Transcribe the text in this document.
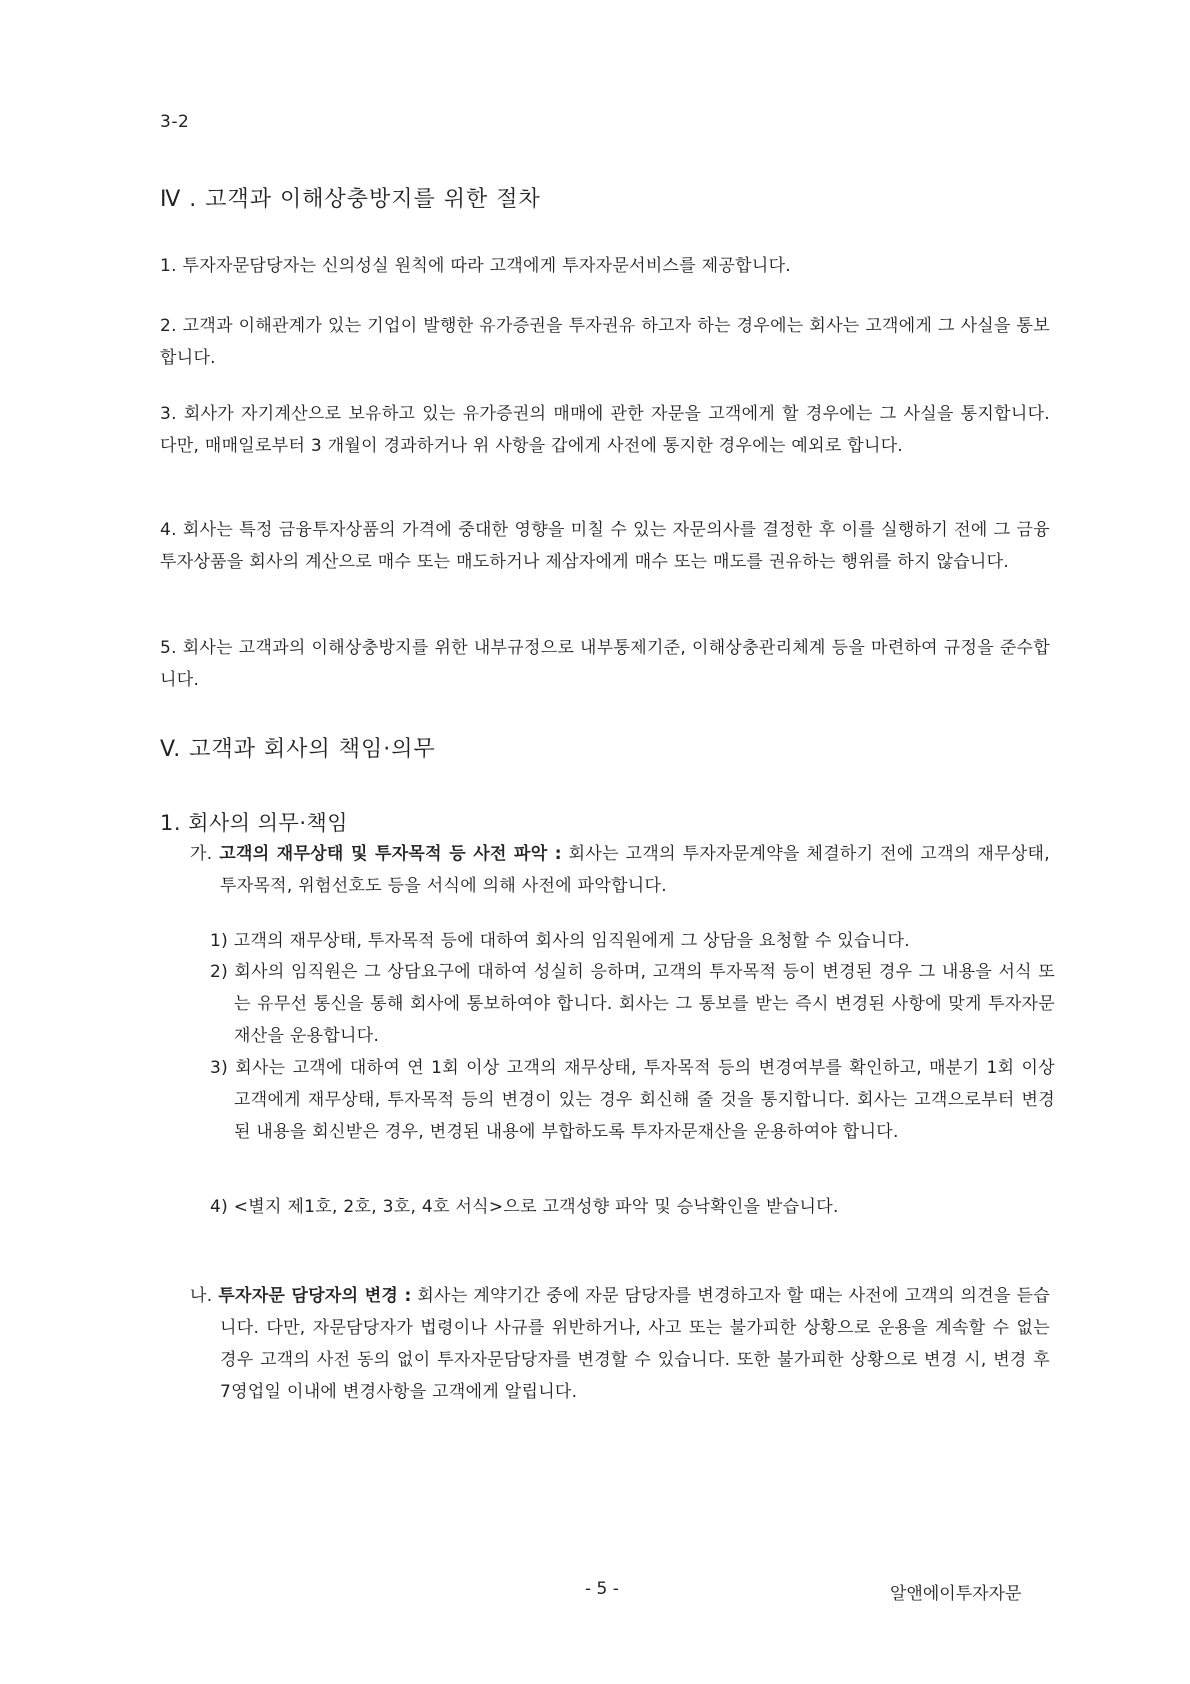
3-2
Ⅳ . 고객과 이해상충방지를 위한 절차
1. 투자자문담당자는 신의성실 원칙에 따라 고객에게 투자자문서비스를 제공합니다.
2. 고객과 이해관계가 있는 기업이 발행한 유가증권을 투자권유 하고자 하는 경우에는 회사는 고객에게 그 사실을 통보합니다.
3. 회사가 자기계산으로 보유하고 있는 유가증권의 매매에 관한 자문을 고객에게 할 경우에는 그 사실을 통지합니다. 다만, 매매일로부터 3 개월이 경과하거나 위 사항을 갑에게 사전에 통지한 경우에는 예외로 합니다.
4. 회사는 특정 금융투자상품의 가격에 중대한 영향을 미칠 수 있는 자문의사를 결정한 후 이를 실행하기 전에 그 금융투자상품을 회사의 계산으로 매수 또는 매도하거나 제삼자에게 매수 또는 매도를 권유하는 행위를 하지 않습니다.
5. 회사는 고객과의 이해상충방지를 위한 내부규정으로 내부통제기준, 이해상충관리체계 등을 마련하여 규정을 준수합니다.
V. 고객과 회사의 책임·의무
1. 회사의 의무·책임
가. 고객의 재무상태 및 투자목적 등 사전 파악 : 회사는 고객의 투자자문계약을 체결하기 전에 고객의 재무상태, 투자목적, 위험선호도 등을 서식에 의해 사전에 파악합니다.
1) 고객의 재무상태, 투자목적 등에 대하여 회사의 임직원에게 그 상담을 요청할 수 있습니다.
2) 회사의 임직원은 그 상담요구에 대하여 성실히 응하며, 고객의 투자목적 등이 변경된 경우 그 내용을 서식 또는 유무선 통신을 통해 회사에 통보하여야 합니다. 회사는 그 통보를 받는 즉시 변경된 사항에 맞게 투자자문재산을 운용합니다.
3) 회사는 고객에 대하여 연 1회 이상 고객의 재무상태, 투자목적 등의 변경여부를 확인하고, 매분기 1회 이상 고객에게 재무상태, 투자목적 등의 변경이 있는 경우 회신해 줄 것을 통지합니다. 회사는 고객으로부터 변경된 내용을 회신받은 경우, 변경된 내용에 부합하도록 투자자문재산을 운용하여야 합니다.
4) <별지 제1호, 2호, 3호, 4호 서식>으로 고객성향 파악 및 승낙확인을 받습니다.
나. 투자자문 담당자의 변경 : 회사는 계약기간 중에 자문 담당자를 변경하고자 할 때는 사전에 고객의 의견을 듣습니다. 다만, 자문담당자가 법령이나 사규를 위반하거나, 사고 또는 불가피한 상황으로 운용을 계속할 수 없는 경우 고객의 사전 동의 없이 투자자문담당자를 변경할 수 있습니다. 또한 불가피한 상황으로 변경 시, 변경 후 7영업일 이내에 변경사항을 고객에게 알립니다.
- 5 -	알앤에이투자자문
